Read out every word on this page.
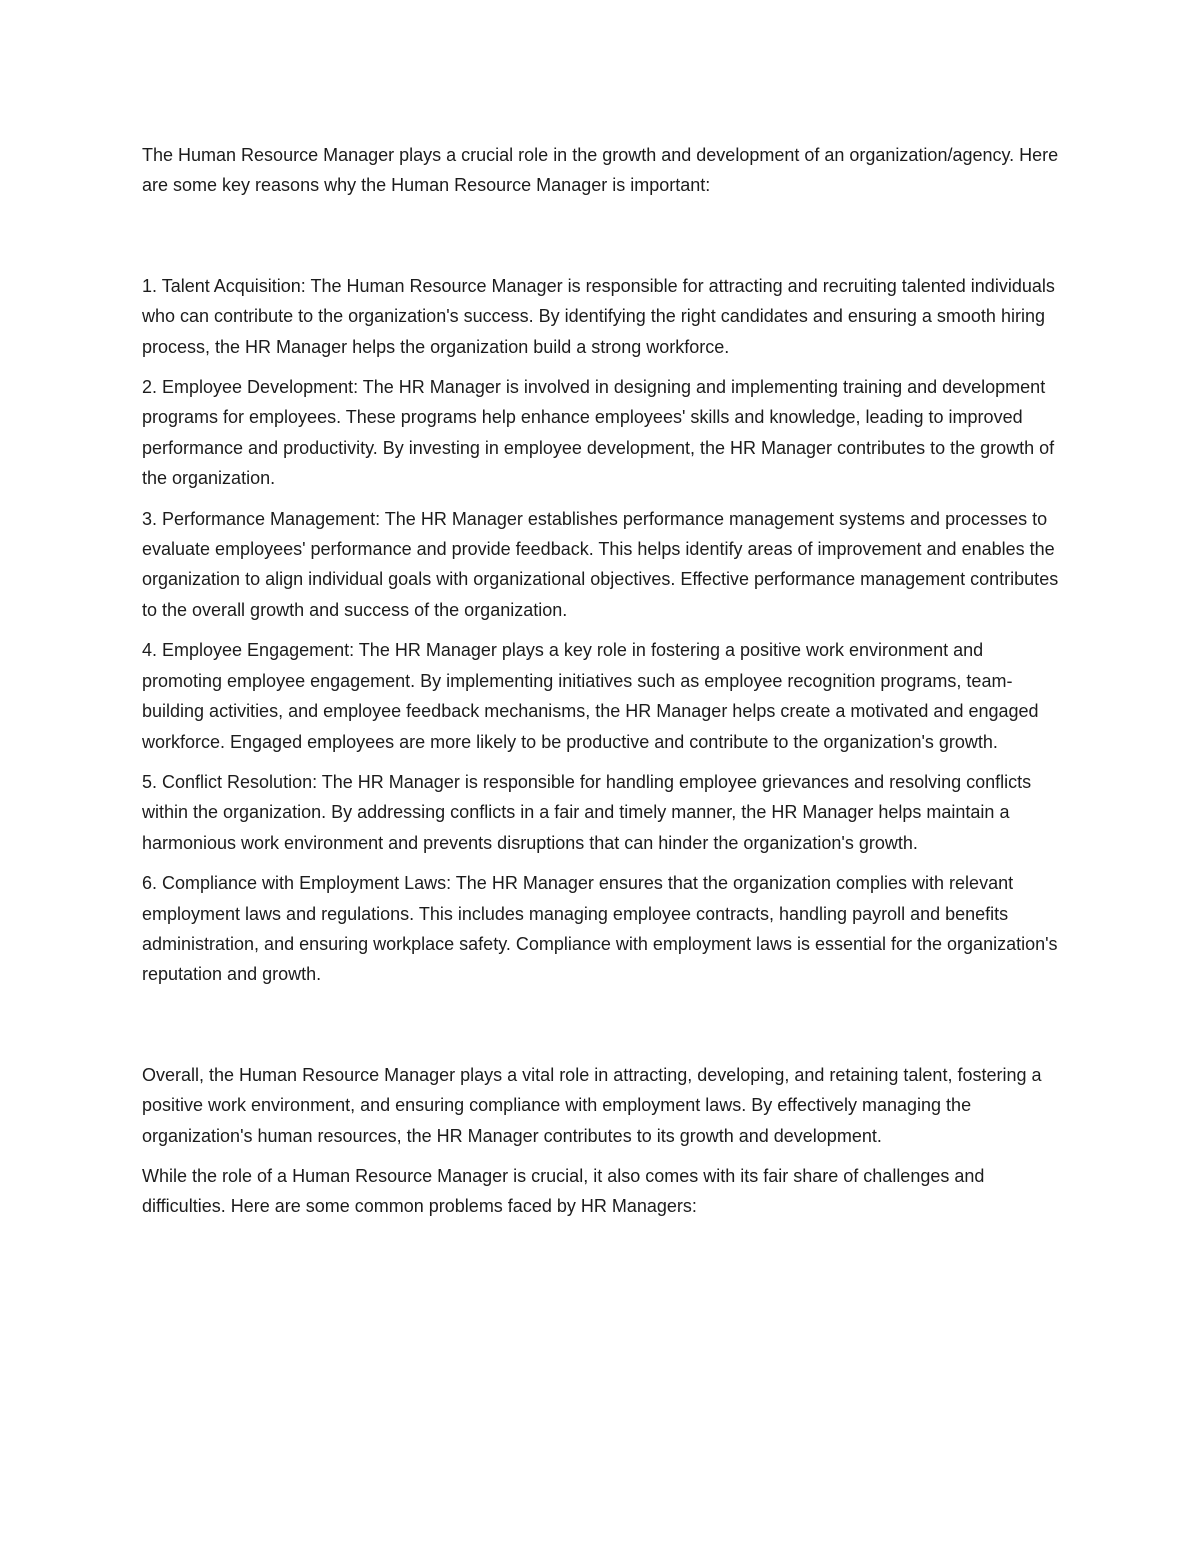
The Human Resource Manager plays a crucial role in the growth and development of an organization/agency. Here are some key reasons why the Human Resource Manager is important:

1. Talent Acquisition: The Human Resource Manager is responsible for attracting and recruiting talented individuals who can contribute to the organization's success. By identifying the right candidates and ensuring a smooth hiring process, the HR Manager helps the organization build a strong workforce.

2. Employee Development: The HR Manager is involved in designing and implementing training and development programs for employees. These programs help enhance employees' skills and knowledge, leading to improved performance and productivity. By investing in employee development, the HR Manager contributes to the growth of the organization.

3. Performance Management: The HR Manager establishes performance management systems and processes to evaluate employees' performance and provide feedback. This helps identify areas of improvement and enables the organization to align individual goals with organizational objectives. Effective performance management contributes to the overall growth and success of the organization.

4. Employee Engagement: The HR Manager plays a key role in fostering a positive work environment and promoting employee engagement. By implementing initiatives such as employee recognition programs, team-building activities, and employee feedback mechanisms, the HR Manager helps create a motivated and engaged workforce. Engaged employees are more likely to be productive and contribute to the organization's growth.

5. Conflict Resolution: The HR Manager is responsible for handling employee grievances and resolving conflicts within the organization. By addressing conflicts in a fair and timely manner, the HR Manager helps maintain a harmonious work environment and prevents disruptions that can hinder the organization's growth.

6. Compliance with Employment Laws: The HR Manager ensures that the organization complies with relevant employment laws and regulations. This includes managing employee contracts, handling payroll and benefits administration, and ensuring workplace safety. Compliance with employment laws is essential for the organization's reputation and growth.

Overall, the Human Resource Manager plays a vital role in attracting, developing, and retaining talent, fostering a positive work environment, and ensuring compliance with employment laws. By effectively managing the organization's human resources, the HR Manager contributes to its growth and development.

While the role of a Human Resource Manager is crucial, it also comes with its fair share of challenges and difficulties. Here are some common problems faced by HR Managers:
